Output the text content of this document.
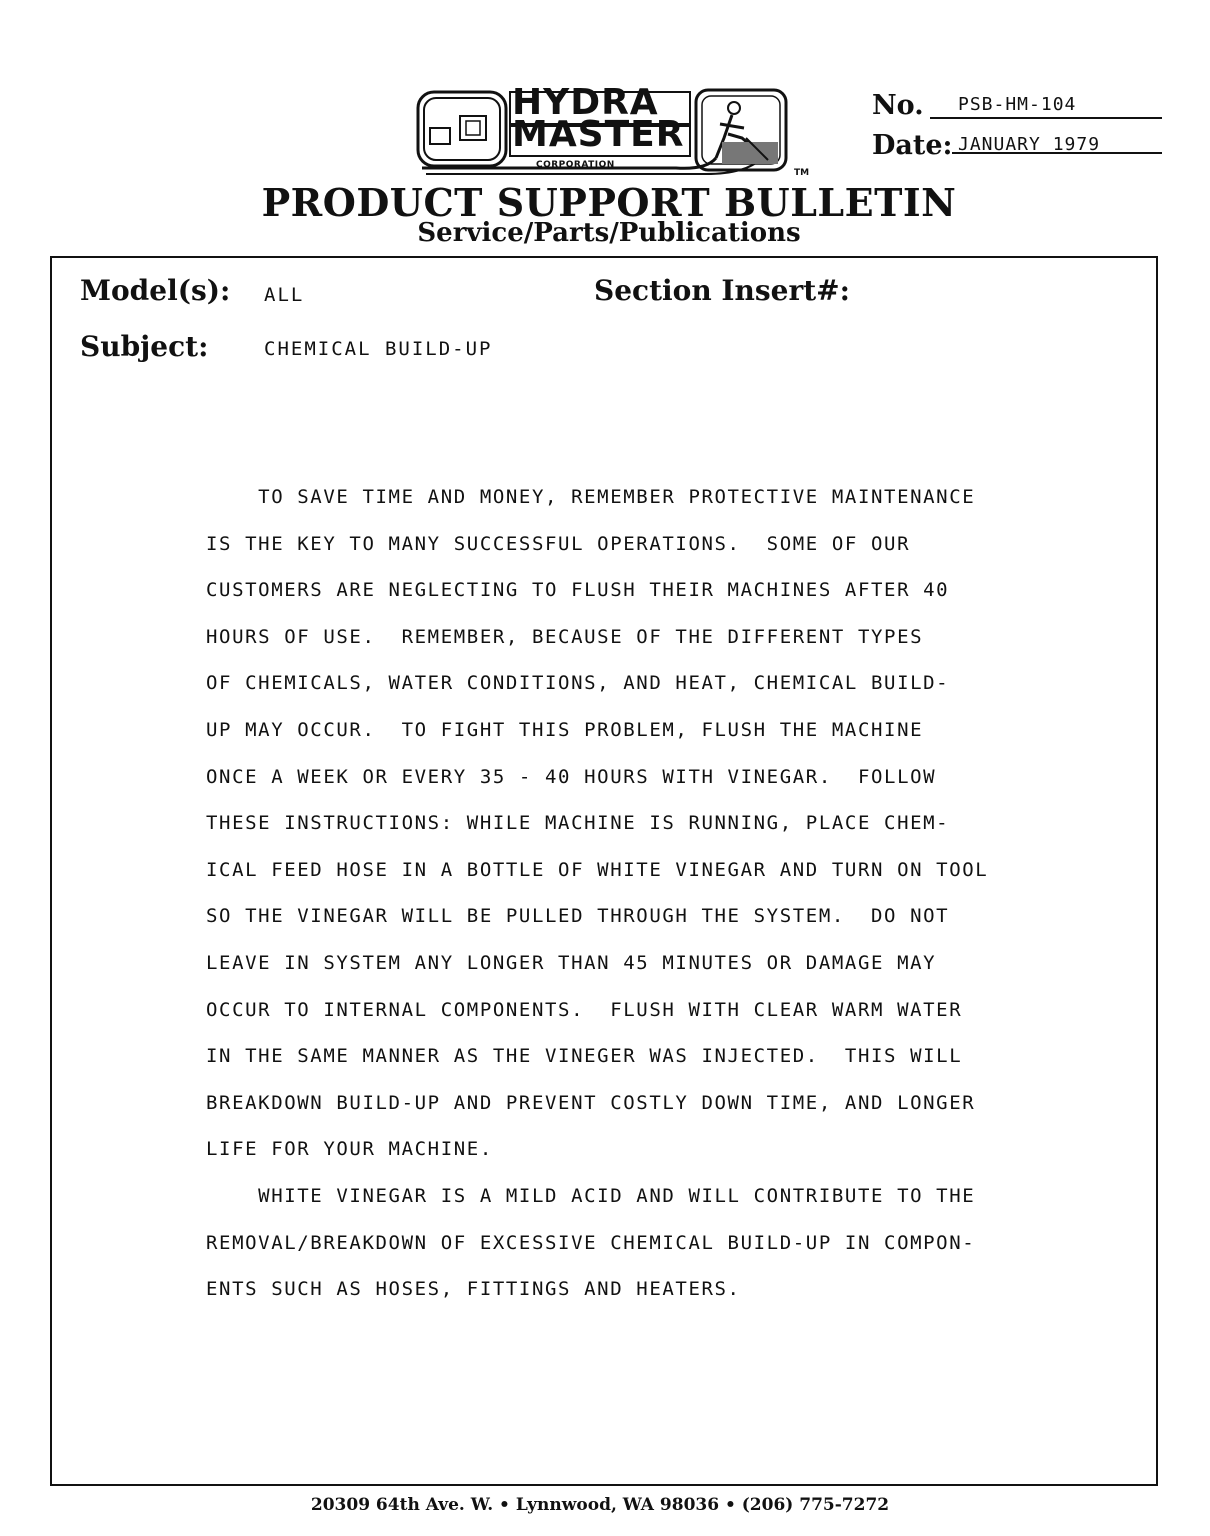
HYDRA
MASTER
CORPORATION
TM
No. PSB-HM-104
Date: JANUARY 1979
PRODUCT SUPPORT BULLETIN
Service/Parts/Publications
Model(s): ALL	Section Insert#:
Subject:	CHEMICAL BUILD-UP
TO SAVE TIME AND MONEY, REMEMBER PROTECTIVE MAINTENANCE
IS THE KEY TO MANY SUCCESSFUL OPERATIONS.  SOME OF OUR
CUSTOMERS ARE NEGLECTING TO FLUSH THEIR MACHINES AFTER 40
HOURS OF USE.  REMEMBER, BECAUSE OF THE DIFFERENT TYPES
OF CHEMICALS, WATER CONDITIONS, AND HEAT, CHEMICAL BUILD-
UP MAY OCCUR.  TO FIGHT THIS PROBLEM, FLUSH THE MACHINE
ONCE A WEEK OR EVERY 35 - 40 HOURS WITH VINEGAR.  FOLLOW
THESE INSTRUCTIONS: WHILE MACHINE IS RUNNING, PLACE CHEM-
ICAL FEED HOSE IN A BOTTLE OF WHITE VINEGAR AND TURN ON TOOL
SO THE VINEGAR WILL BE PULLED THROUGH THE SYSTEM.  DO NOT
LEAVE IN SYSTEM ANY LONGER THAN 45 MINUTES OR DAMAGE MAY
OCCUR TO INTERNAL COMPONENTS.  FLUSH WITH CLEAR WARM WATER
IN THE SAME MANNER AS THE VINEGER WAS INJECTED.  THIS WILL
BREAKDOWN BUILD-UP AND PREVENT COSTLY DOWN TIME, AND LONGER
LIFE FOR YOUR MACHINE.
WHITE VINEGAR IS A MILD ACID AND WILL CONTRIBUTE TO THE
REMOVAL/BREAKDOWN OF EXCESSIVE CHEMICAL BUILD-UP IN COMPON-
ENTS SUCH AS HOSES, FITTINGS AND HEATERS.
20309 64th Ave. W. • Lynnwood, WA 98036 • (206) 775-7272
